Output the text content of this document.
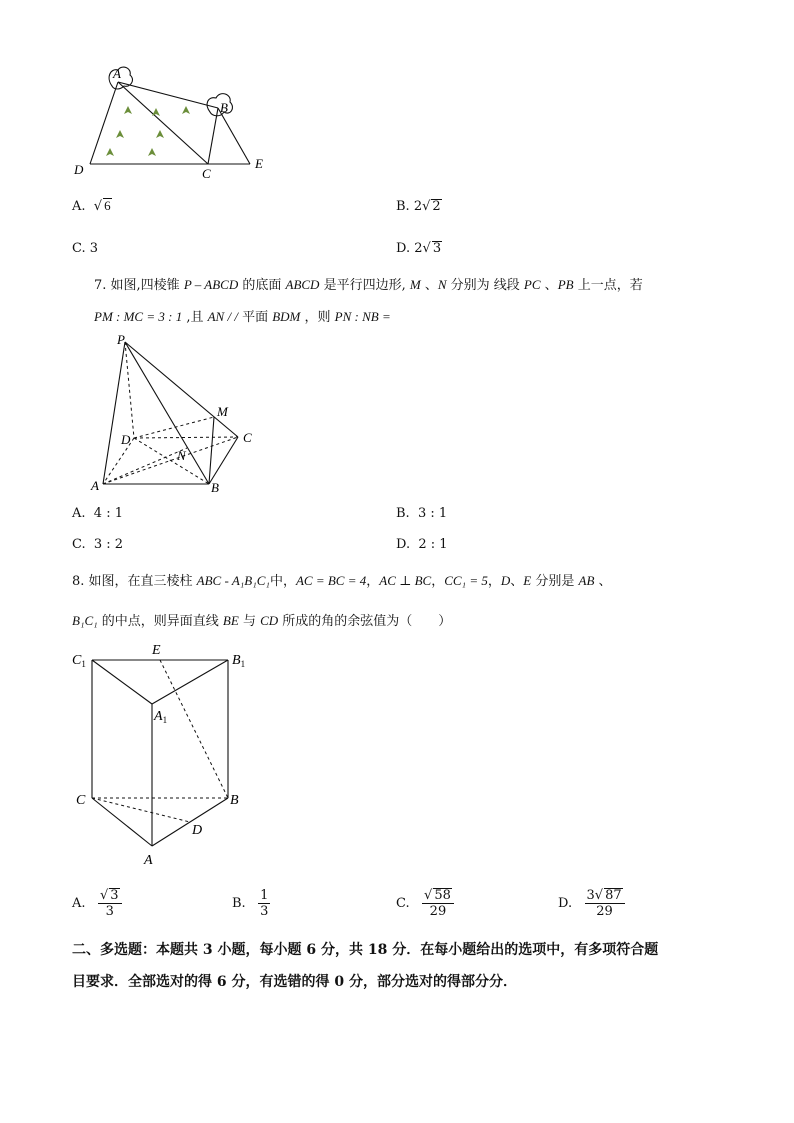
A
B
C
D	E
A. √ 6	B. 2√ 2
C. 3	D. 2√ 3
7. 如图,四棱锥 P – ABCD 的底面 ABCD 是平行四边形, M 、N 分别为 线段 PC 、PB 上一点，若
PM : MC = 3 : 1 ,且 AN / / 平面 BDM ，则 PN : NB =
P
M
D	C
N
A	B
A. 4 : 1	B. 3 : 1
C. 3 : 2	D. 2 : 1
8. 如图，在直三棱柱 ABC - A₁B₁C₁中，AC = BC = 4，AC ⊥ BC，CC₁ = 5，D、E 分别是 AB 、
B₁C₁ 的中点，则异面直线 BE 与 CD 所成的角的余弦值为（　　）
$C_1$
E
$B_1$
$A_1$
C	B
D
A
A. $\frac{√ 3}{3}$	B. $\frac{1}{3}$	C. $\frac{√ 58}{29}$	D. $\frac{3√ 87}{29}$
二、多选题：本题共 3 小题，每小题 6 分，共 18 分．在每小题给出的选项中，有多项符合题
目要求．全部选对的得 6 分，有选错的得 0 分，部分选对的得部分分．
